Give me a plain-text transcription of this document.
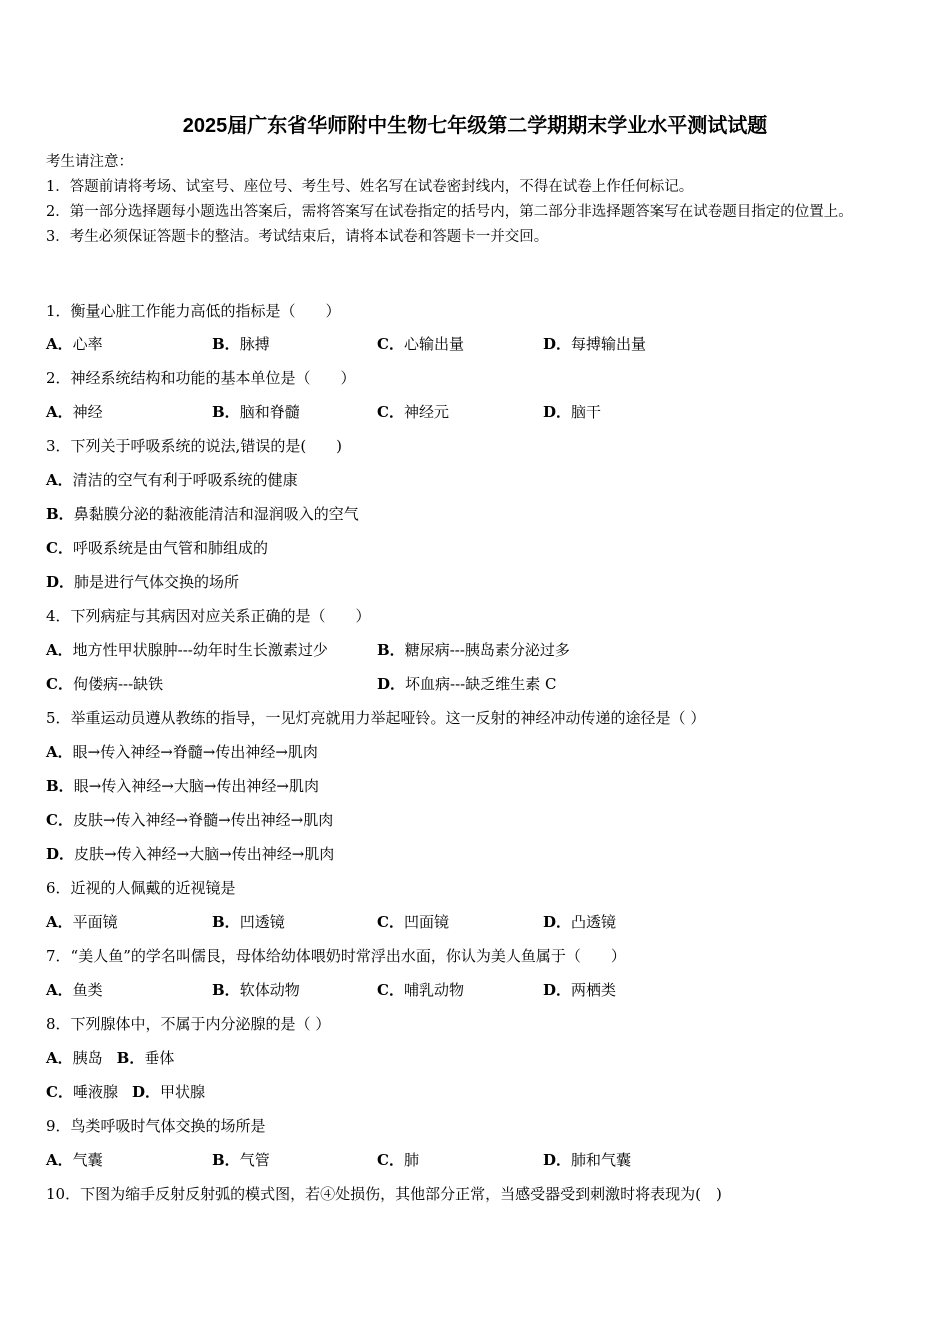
2025届广东省华师附中生物七年级第二学期期末学业水平测试试题
考生请注意：
1．答题前请将考场、试室号、座位号、考生号、姓名写在试卷密封线内，不得在试卷上作任何标记。
2．第一部分选择题每小题选出答案后，需将答案写在试卷指定的括号内，第二部分非选择题答案写在试卷题目指定的位置上。
3．考生必须保证答题卡的整洁。考试结束后，请将本试卷和答题卡一并交回。
1．衡量心脏工作能力高低的指标是（　　）
A．心率	B．脉搏	C．心输出量	D．每搏输出量
2．神经系统结构和功能的基本单位是（　　）
A．神经	B．脑和脊髓	C．神经元	D．脑干
3．下列关于呼吸系统的说法,错误的是(　　)
A．清洁的空气有利于呼吸系统的健康
B．鼻黏膜分泌的黏液能清洁和湿润吸入的空气
C．呼吸系统是由气管和肺组成的
D．肺是进行气体交换的场所
4．下列病症与其病因对应关系正确的是（　　）
A．地方性甲状腺肿---幼年时生长激素过少	B．糖尿病---胰岛素分泌过多
C．佝偻病---缺铁	D．坏血病---缺乏维生素 C
5．举重运动员遵从教练的指导，一见灯亮就用力举起哑铃。这一反射的神经冲动传递的途径是（ ）
A．眼→传入神经→脊髓→传出神经→肌肉
B．眼→传入神经→大脑→传出神经→肌肉
C．皮肤→传入神经→脊髓→传出神经→肌肉
D．皮肤→传入神经→大脑→传出神经→肌肉
6．近视的人佩戴的近视镜是
A．平面镜	B．凹透镜	C．凹面镜	D．凸透镜
7．“美人鱼”的学名叫儒艮，母体给幼体喂奶时常浮出水面，你认为美人鱼属于（　　）
A．鱼类	B．软体动物	C．哺乳动物	D．两栖类
8．下列腺体中，不属于内分泌腺的是（ ）
A．胰岛 B．垂体
C．唾液腺 D．甲状腺
9．鸟类呼吸时气体交换的场所是
A．气囊	B．气管	C．肺	D．肺和气囊
10．下图为缩手反射反射弧的模式图，若④处损伤，其他部分正常，当感受器受到刺激时将表现为(　)
